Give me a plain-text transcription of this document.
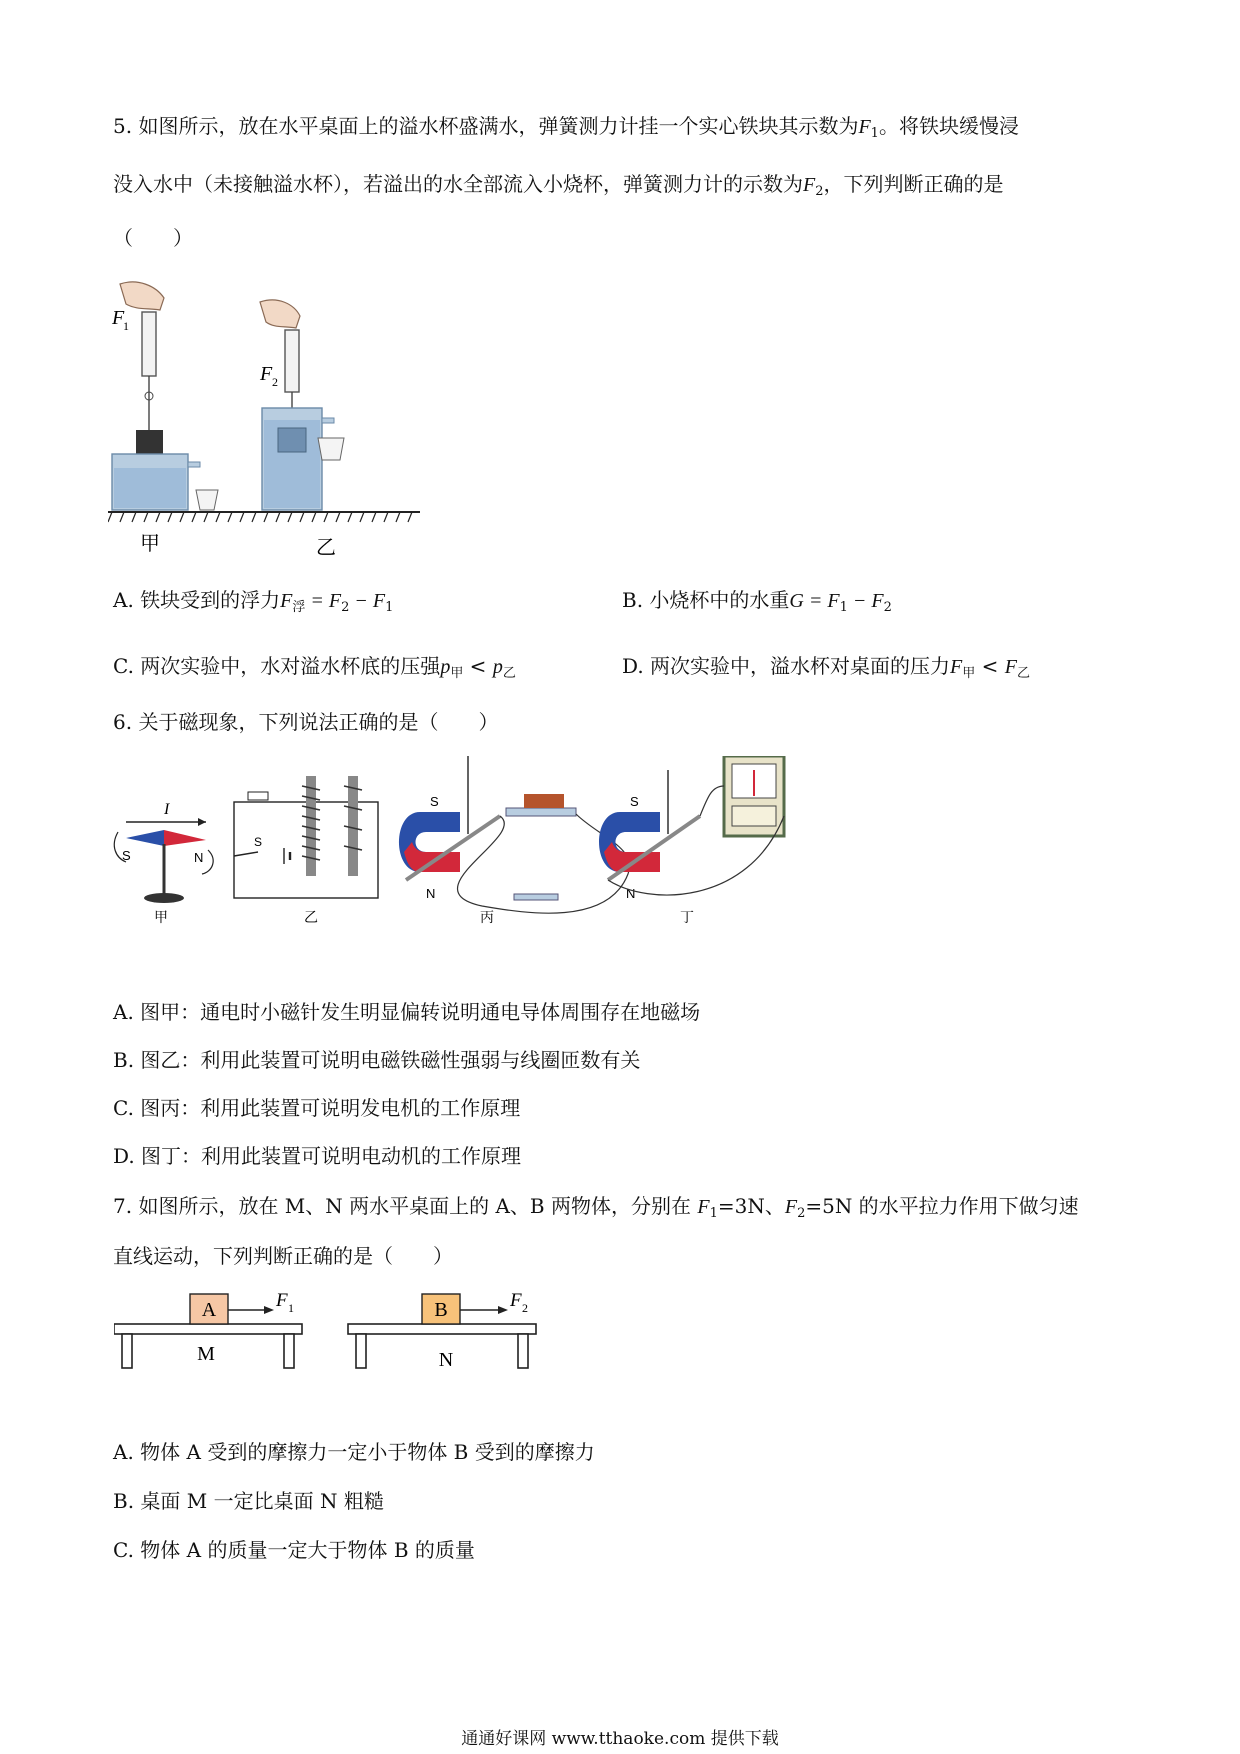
5. 如图所示，放在水平桌面上的溢水杯盛满水，弹簧测力计挂一个实心铁块其示数为$F_1$。将铁块缓慢浸
没入水中（未接触溢水杯），若溢出的水全部流入小烧杯，弹簧测力计的示数为$F_2$，下列判断正确的是
（　　）
F
1
F 2
甲	乙
A. 铁块受到的浮力$F_浮 = F_2 - F_1$	B. 小烧杯中的水重$G = F_1 - F_2$
C. 两次实验中，水对溢水杯底的压强$p_甲 < p_乙$	D. 两次实验中，溢水杯对桌面的压力$F_甲 < F_乙$
6. 关于磁现象，下列说法正确的是（　　）
I
S	N
甲
S
乙
S
N
丙
S
N
丁
A. 图甲：通电时小磁针发生明显偏转说明通电导体周围存在地磁场
B. 图乙：利用此装置可说明电磁铁磁性强弱与线圈匝数有关
C. 图丙：利用此装置可说明发电机的工作原理
D. 图丁：利用此装置可说明电动机的工作原理
7. 如图所示，放在 M、N 两水平桌面上的 A、B 两物体，分别在 $F_1=3N$、$F_2=5N$ 的水平拉力作用下做匀速
直线运动，下列判断正确的是（　　）
A	F 1
M
B	F 2
N
A. 物体 A 受到的摩擦力一定小于物体 B 受到的摩擦力
B. 桌面 M 一定比桌面 N 粗糙
C. 物体 A 的质量一定大于物体 B 的质量
通通好课网 www.tthaoke.com 提供下载
